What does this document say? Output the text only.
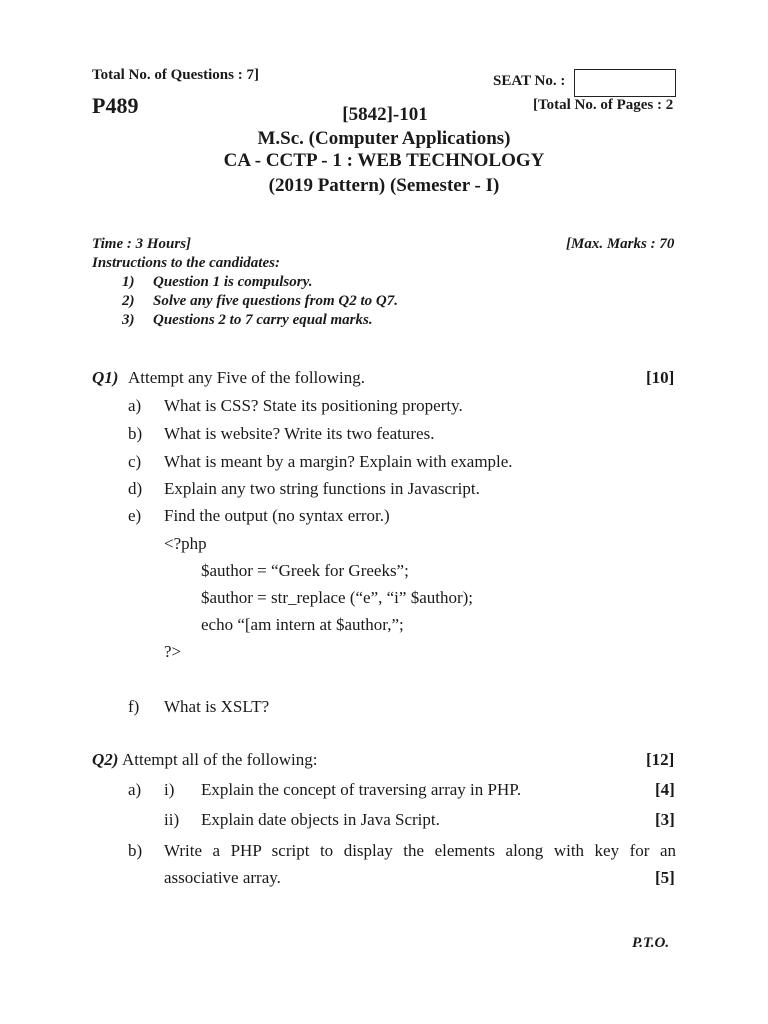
Total No. of Questions : 7]	SEAT No. :
P489	[Total No. of Pages : 2
[5842]-101
M.Sc. (Computer Applications)
CA - CCTP - 1 : WEB TECHNOLOGY
(2019 Pattern) (Semester - I)
Time : 3 Hours]	[Max. Marks : 70
Instructions to the candidates:
1) Question 1 is compulsory.
2) Solve any five questions from Q2 to Q7.
3) Questions 2 to 7 carry equal marks.
Q1) Attempt any Five of the following.	[10]
a) What is CSS? State its positioning property.
b) What is website? Write its two features.
c) What is meant by a margin? Explain with example.
d) Explain any two string functions in Javascript.
e) Find the output (no syntax error.)
<?php
$author = “Greek for Greeks”;
$author = str_replace (“e”, “i” $author);
echo “[am intern at $author,”;
?>
f) What is XSLT?
Q2) Attempt all of the following:	[12]
a) i) Explain the concept of traversing array in PHP.	[4]
ii) Explain date objects in Java Script.	[3]
b) Write a PHP script to display the elements along with key for an
associative array.	[5]
P.T.O.
